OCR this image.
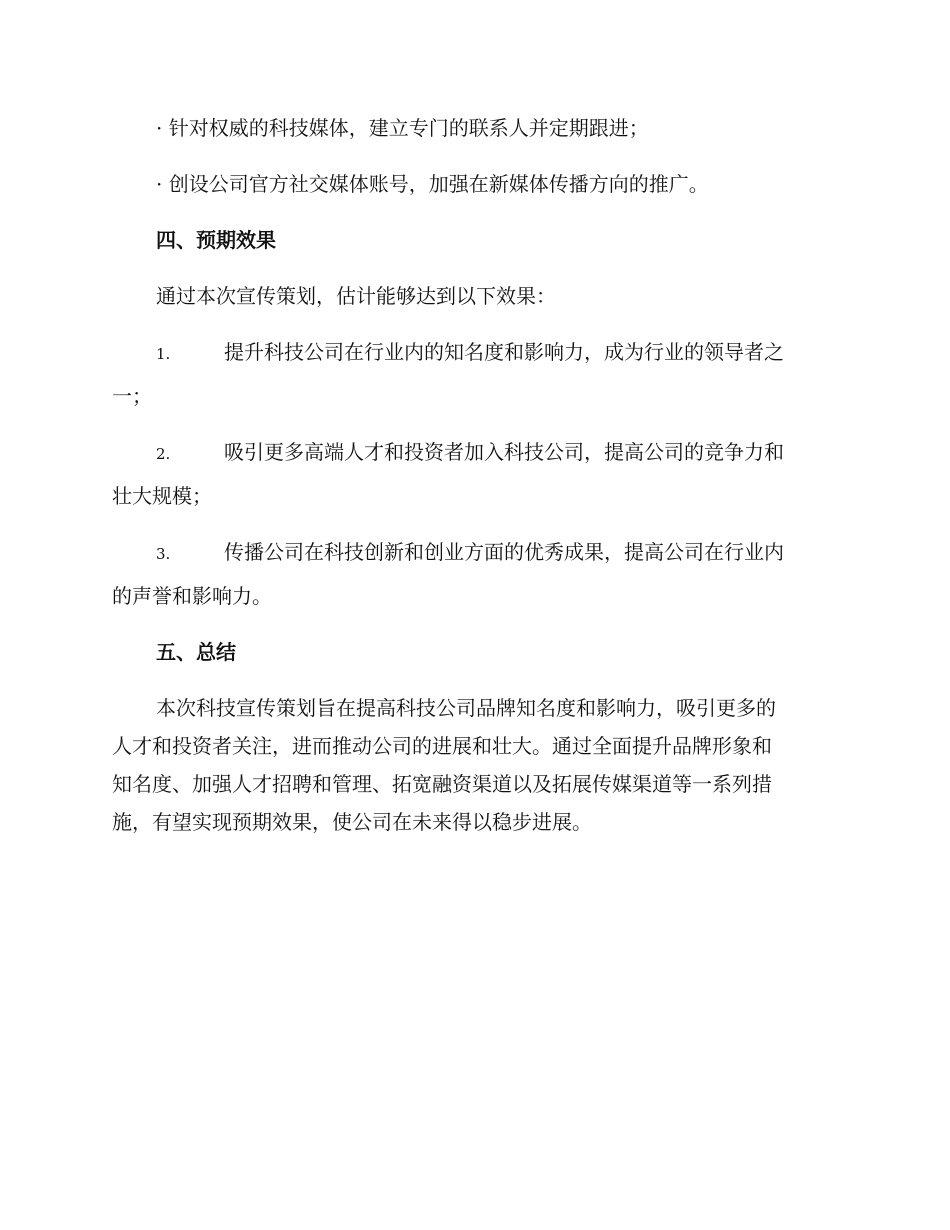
· 针对权威的科技媒体，建立专门的联系人并定期跟进；
· 创设公司官方社交媒体账号，加强在新媒体传播方向的推广。
四、预期效果
通过本次宣传策划，估计能够达到以下效果：
1.	提升科技公司在行业内的知名度和影响力，成为行业的领导者之
一；
2.	吸引更多高端人才和投资者加入科技公司，提高公司的竞争力和
壮大规模；
3.	传播公司在科技创新和创业方面的优秀成果，提高公司在行业内
的声誉和影响力。
五、总结
本次科技宣传策划旨在提高科技公司品牌知名度和影响力，吸引更多的
人才和投资者关注，进而推动公司的进展和壮大。通过全面提升品牌形象和
知名度、加强人才招聘和管理、拓宽融资渠道以及拓展传媒渠道等一系列措
施，有望实现预期效果，使公司在未来得以稳步进展。
